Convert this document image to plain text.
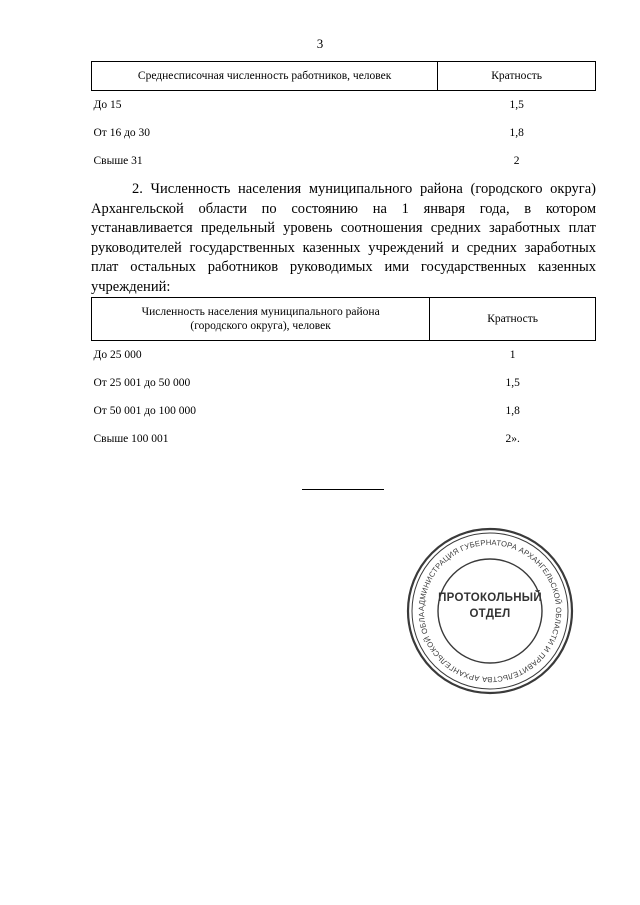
3
Среднесписочная численность работников, человек	Кратность
До 15	1,5
От 16 до 30	1,8
Свыше 31	2

2. Численность населения муниципального района (городского округа) Архангельской области по состоянию на 1 января года, в котором устанавливается предельный уровень соотношения средних заработных плат руководителей государственных казенных учреждений и средних заработных плат остальных работников руководимых ими государственных казенных учреждений:

Численность населения муниципального района
(городского округа), человек	Кратность
До 25 000	1
От 25 001 до 50 000	1,5
От 50 001 до 100 000	1,8
Свыше 100 001	2».
АДМИНИСТРАЦИЯ ГУБЕРНАТОРА АРХАНГЕЛЬСКОЙ ОБЛАСТИ И ПРАВИТЕЛЬСТВА АРХАНГЕЛЬСКОЙ ОБЛА
ПРОТОКОЛЬНЫЙ
ОТДЕЛ
